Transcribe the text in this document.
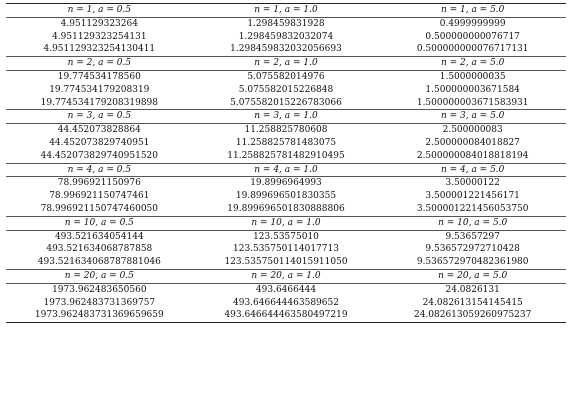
n = 1, a = 0.5	n = 1, a = 1.0	n = 1, a = 5.0
4.951129323264	1.298459831928	0.4999999999
4.951129323254131	1.298459832032074	0.500000000076717
4.951129323254130411	1.298459832032056693	0.500000000076717131
n = 2, a = 0.5	n = 2, a = 1.0	n = 2, a = 5.0
19.774534178560	5.075582014976	1.5000000035
19.774534179208319	5.075582015226848	1.500000003671584
19.774534179208319898	5.075582015226783066	1.500000003671583931
n = 3, a = 0.5	n = 3, a = 1.0	n = 3, a = 5.0
44.452073828864	11.258825780608	2.500000083
44.452073829740951	11.258825781483075	2.500000084018827
44.452073829740951520	11.258825781482910495	2.500000084018818194
n = 4, a = 0.5	n = 4, a = 1.0	n = 4, a = 5.0
78.996921150976	19.8996964993	3.50000122
78.996921150747461	19.899696501830355	3.500001221456171
78.996921150747460050	19.899696501830888806	3.500001221456053750
n = 10, a = 0.5	n = 10, a = 1.0	n = 10, a = 5.0
493.521634054144	123.53575010	9.53657297
493.521634068787858	123.535750114017713	9.536572972710428
493.521634068787881046	123.535750114015911050	9.536572970482361980
n = 20, a = 0.5	n = 20, a = 1.0	n = 20, a = 5.0
1973.962483650560	493.6466444	24.0826131
1973.962483731369757	493.646644463589652	24.082613154145415
1973.962483731369659659	493.646644463580497219	24.082613059260975237
